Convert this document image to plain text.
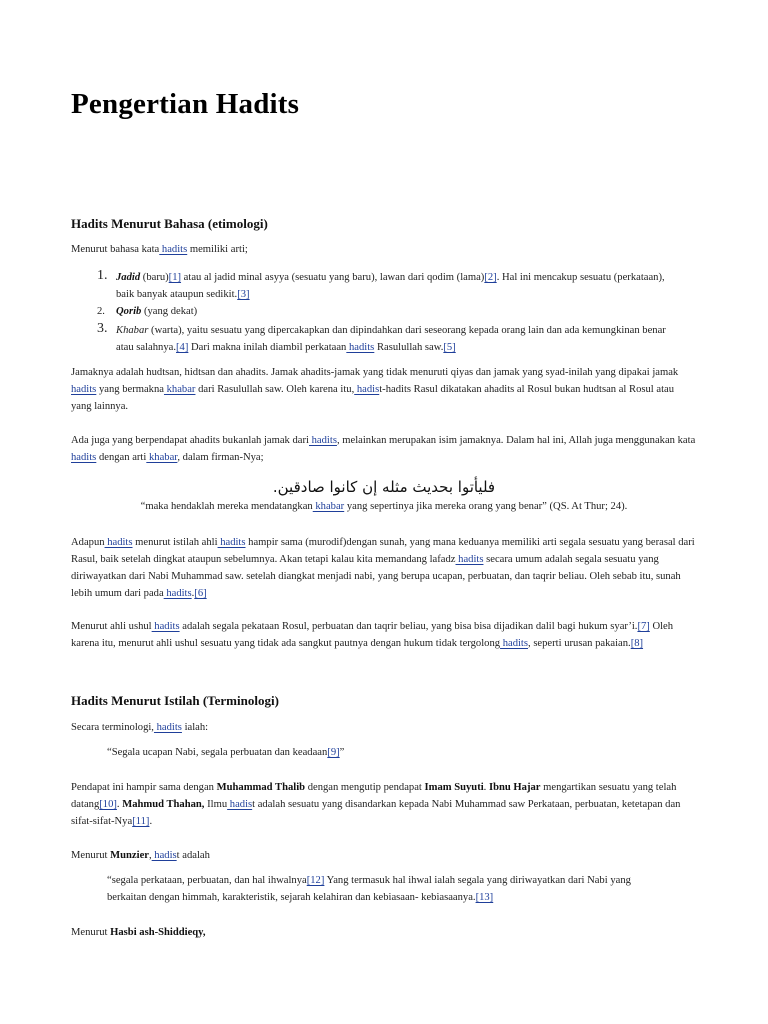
Pengertian Hadits
Hadits Menurut Bahasa (etimologi)

Menurut bahasa kata hadits memiliki arti;

1. Jadid (baru)[1] atau al jadid minal asyya (sesuatu yang baru), lawan dari qodim (lama)[2]. Hal ini mencakup sesuatu (perkataan), baik banyak ataupun sedikit.[3]

2. Qorib (yang dekat)

3. Khabar (warta), yaitu sesuatu yang dipercakapkan dan dipindahkan dari seseorang kepada orang lain dan ada kemungkinan benar atau salahnya.[4] Dari makna inilah diambil perkataan hadits Rasulullah saw.[5]

Jamaknya adalah hudtsan, hidtsan dan ahadits. Jamak ahadits-jamak yang tidak menuruti qiyas dan jamak yang syad-inilah yang dipakai jamak hadits yang bermakna khabar dari Rasulullah saw. Oleh karena itu, hadist-hadits Rasul dikatakan ahadits al Rosul bukan hudtsan al Rosul atau yang lainnya.

Ada juga yang berpendapat ahadits bukanlah jamak dari hadits, melainkan merupakan isim jamaknya. Dalam hal ini, Allah juga menggunakan kata hadits dengan arti khabar, dalam firman-Nya;

فليأتوا بحديث مثله إن كانوا صادقين.

“maka hendaklah mereka mendatangkan khabar yang sepertinya jika mereka orang yang benar” (QS. At Thur; 24).

Adapun hadits menurut istilah ahli hadits hampir sama (murodif)dengan sunah, yang mana keduanya memiliki arti segala sesuatu yang berasal dari Rasul, baik setelah dingkat ataupun sebelumnya. Akan tetapi kalau kita memandang lafadz hadits secara umum adalah segala sesuatu yang diriwayatkan dari Nabi Muhammad saw. setelah diangkat menjadi nabi, yang berupa ucapan, perbuatan, dan taqrir beliau. Oleh sebab itu, sunah lebih umum dari pada hadits.[6]

Menurut ahli ushul hadits adalah segala pekataan Rosul, perbuatan dan taqrir beliau, yang bisa bisa dijadikan dalil bagi hukum syar’i.[7] Oleh karena itu, menurut ahli ushul sesuatu yang tidak ada sangkut pautnya dengan hukum tidak tergolong hadits, seperti urusan pakaian.[8]

Hadits Menurut Istilah (Terminologi)

Secara terminologi, hadits ialah:

“Segala ucapan Nabi, segala perbuatan dan keadaan[9]”

Pendapat ini hampir sama dengan Muhammad Thalib dengan mengutip pendapat Imam Suyuti. Ibnu Hajar mengartikan sesuatu yang telah datang[10]. Mahmud Thahan, Ilmu hadist adalah sesuatu yang disandarkan kepada Nabi Muhammad saw Perkataan, perbuatan, ketetapan dan sifat-sifat-Nya[11].

Menurut Munzier, hadist adalah

“segala perkataan, perbuatan, dan hal ihwalnya[12] Yang termasuk hal ihwal ialah segala yang diriwayatkan dari Nabi yang berkaitan dengan himmah, karakteristik, sejarah kelahiran dan kebiasaan- kebiasaanya.[13]

Menurut Hasbi ash-Shiddieqy,
